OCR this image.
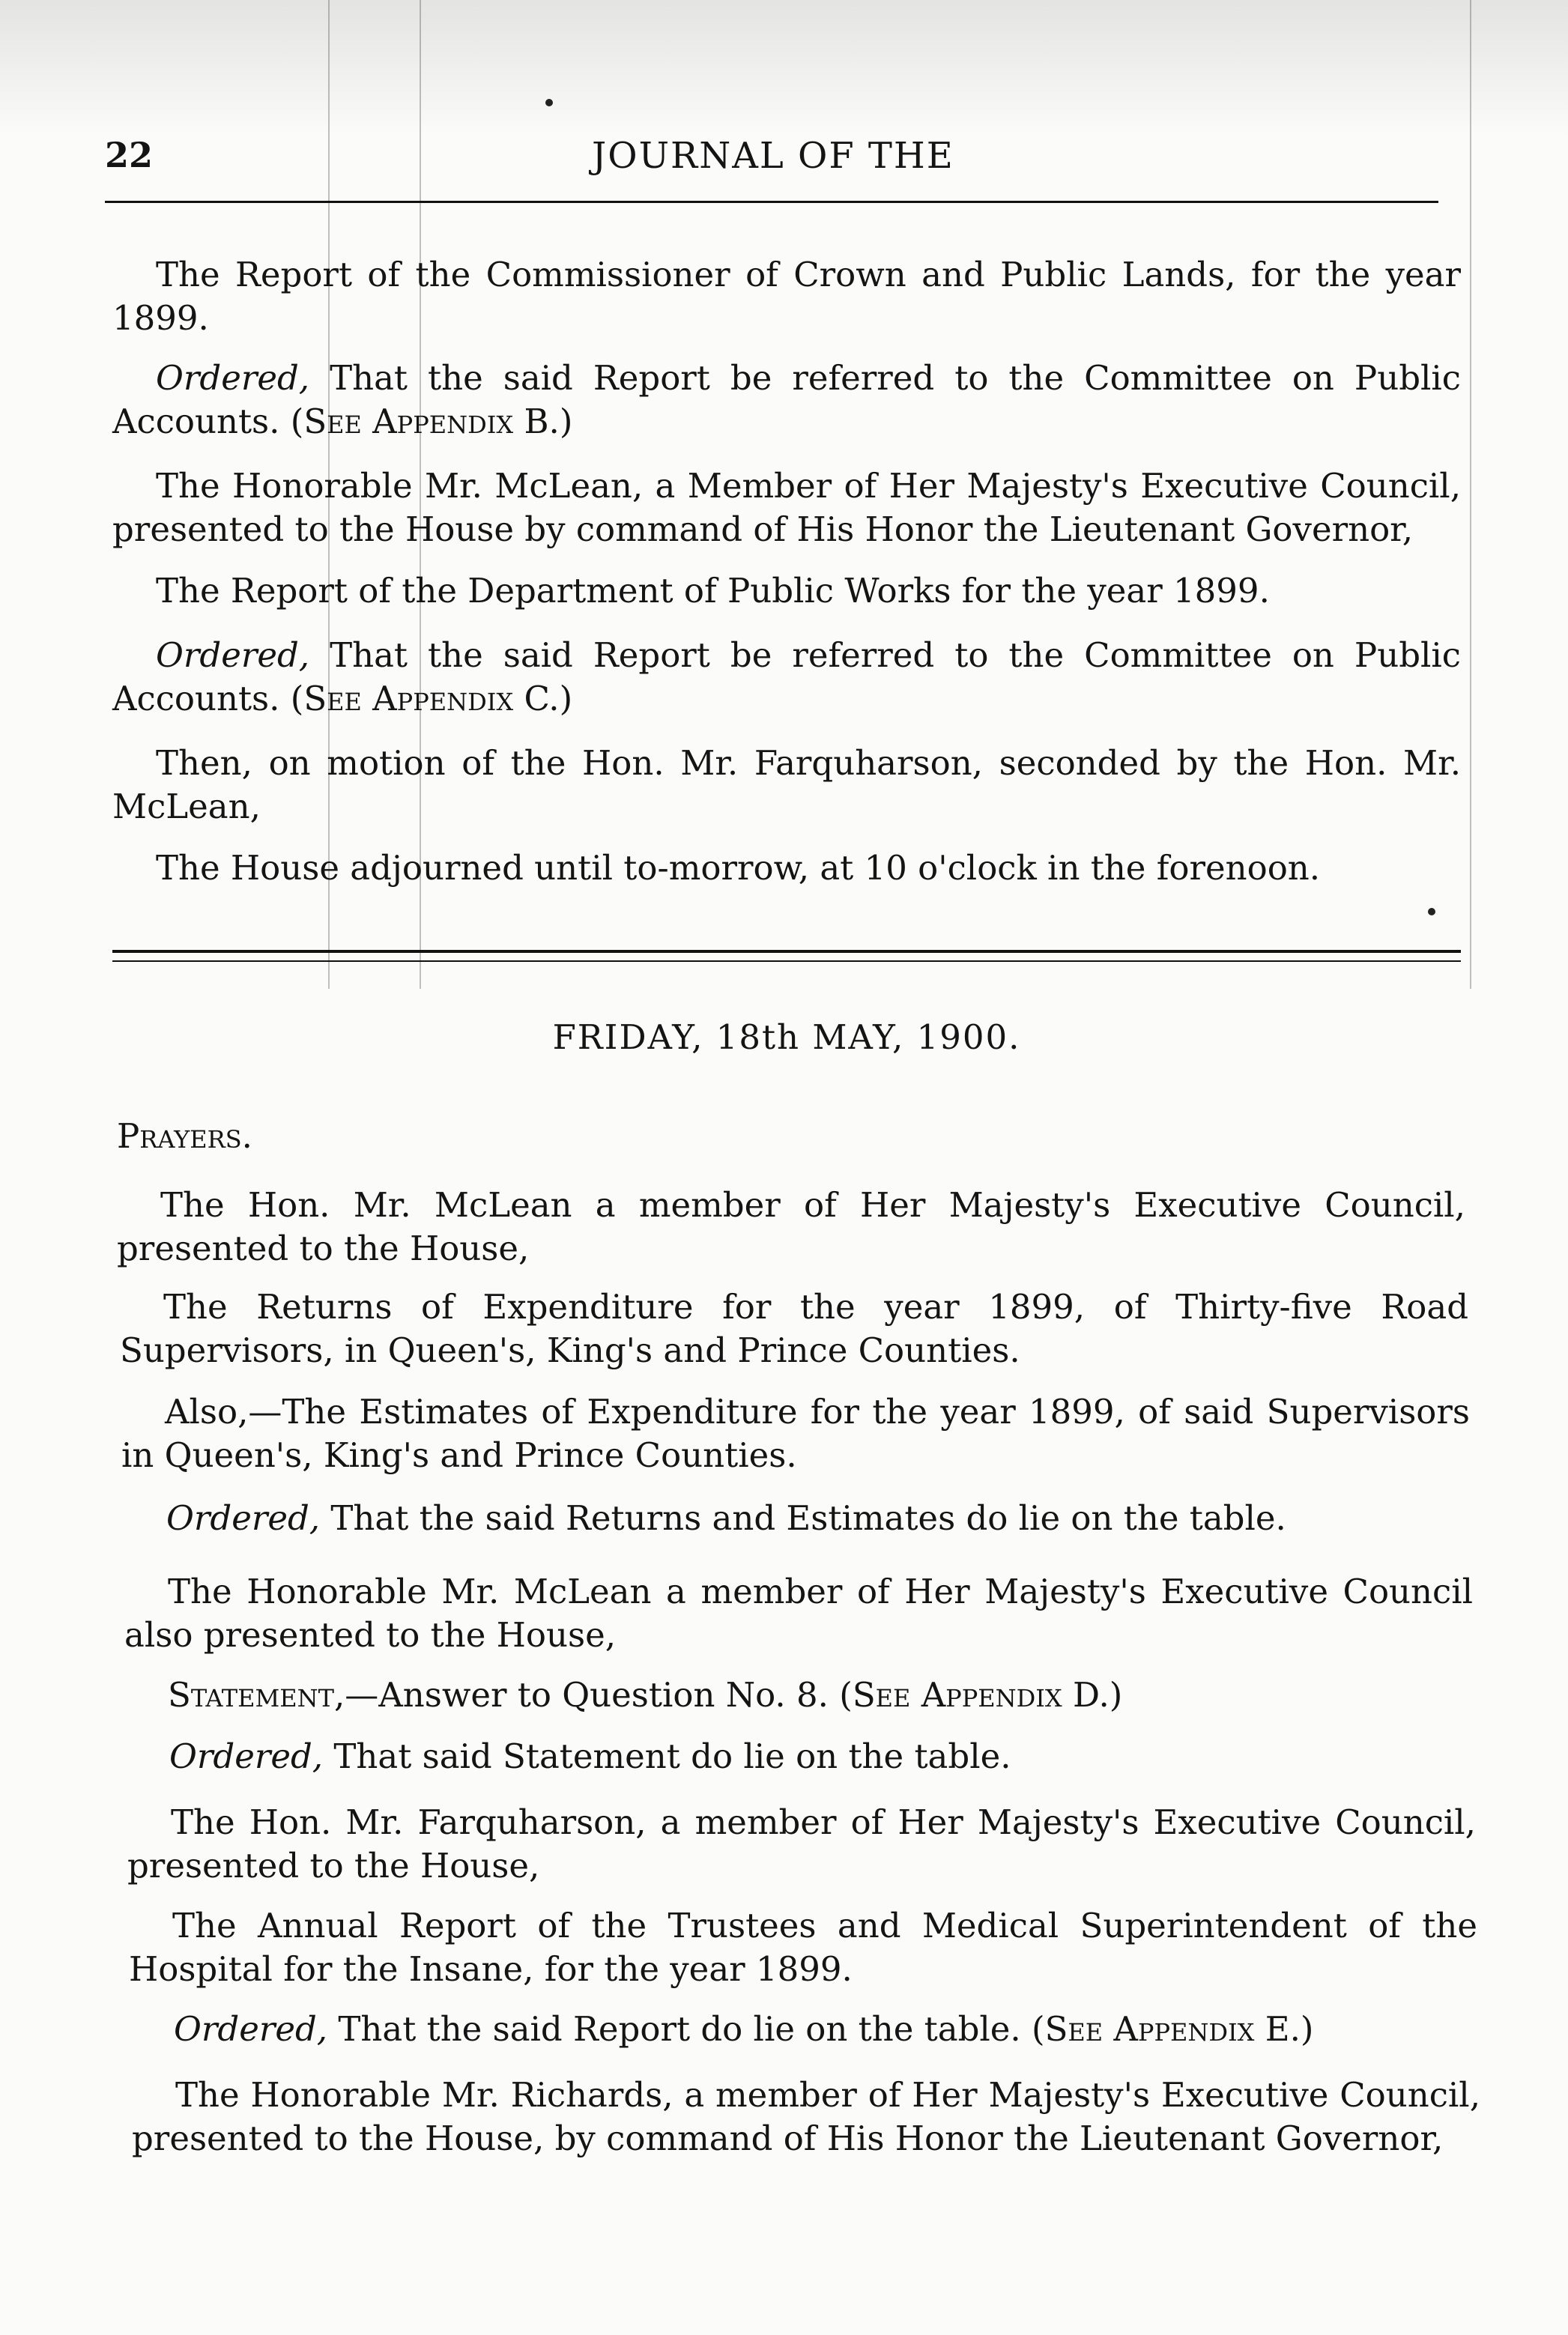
22	JOURNAL OF THE
The Report of the Commissioner of Crown and Public Lands, for the year 1899.
Ordered, That the said Report be referred to the Committee on Public Accounts. (See Appendix B.)
The Honorable Mr. McLean, a Member of Her Majesty's Executive Council, presented to the House by command of His Honor the Lieutenant Governor,
The Report of the Department of Public Works for the year 1899.
Ordered, That the said Report be referred to the Committee on Public Accounts. (See Appendix C.)
Then, on motion of the Hon. Mr. Farquharson, seconded by the Hon. Mr. McLean,
The House adjourned until to-morrow, at 10 o'clock in the forenoon.
FRIDAY, 18th MAY, 1900.
Prayers.
The Hon. Mr. McLean a member of Her Majesty's Executive Council, presented to the House,
The Returns of Expenditure for the year 1899, of Thirty-five Road Supervisors, in Queen's, King's and Prince Counties.
Also,—The Estimates of Expenditure for the year 1899, of said Supervisors in Queen's, King's and Prince Counties.
Ordered, That the said Returns and Estimates do lie on the table.
The Honorable Mr. McLean a member of Her Majesty's Executive Council also presented to the House,
Statement,—Answer to Question No. 8. (See Appendix D.)
Ordered, That said Statement do lie on the table.
The Hon. Mr. Farquharson, a member of Her Majesty's Executive Council, presented to the House,
The Annual Report of the Trustees and Medical Superintendent of the Hospital for the Insane, for the year 1899.
Ordered, That the said Report do lie on the table. (See Appendix E.)
The Honorable Mr. Richards, a member of Her Majesty's Executive Council, presented to the House, by command of His Honor the Lieutenant Governor,
